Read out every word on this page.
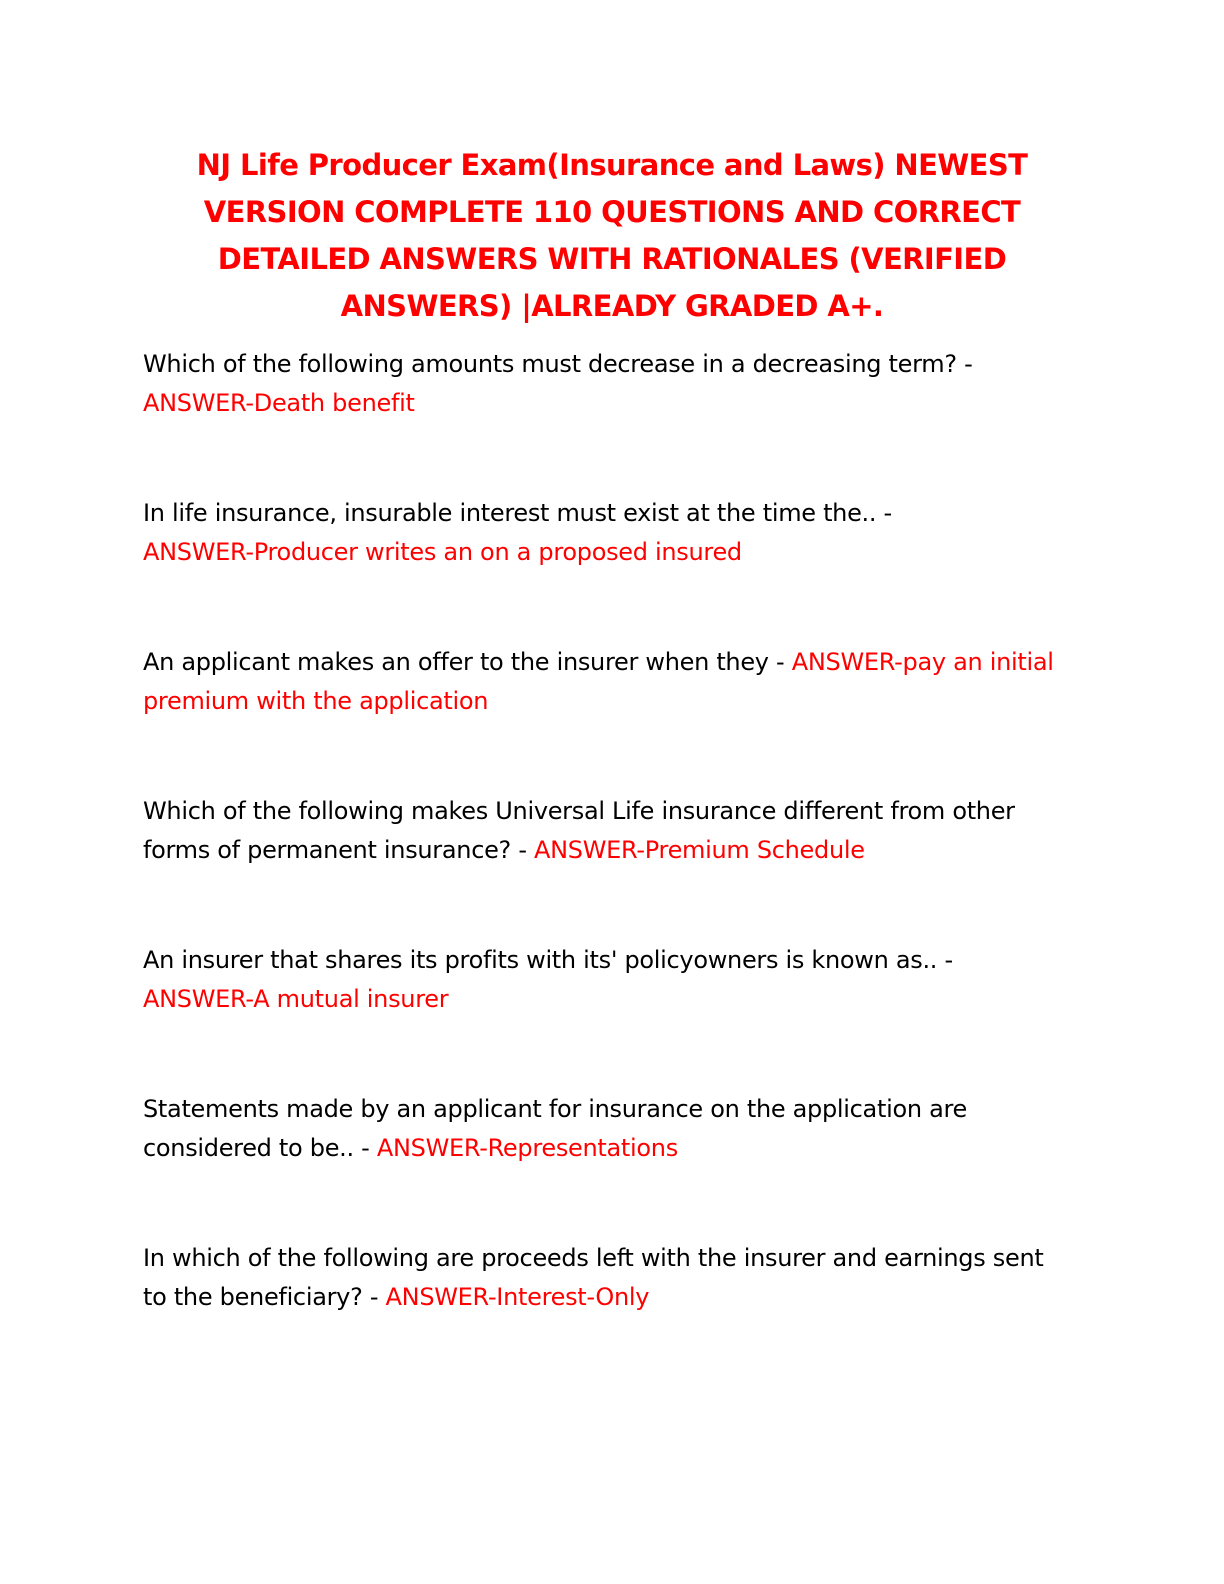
NJ Life Producer Exam(Insurance and Laws) NEWEST VERSION COMPLETE 110 QUESTIONS AND CORRECT DETAILED ANSWERS WITH RATIONALES (VERIFIED ANSWERS) |ALREADY GRADED A+.

Which of the following amounts must decrease in a decreasing term? -
ANSWER-Death benefit

In life insurance, insurable interest must exist at the time the.. -
ANSWER-Producer writes an on a proposed insured

An applicant makes an offer to the insurer when they - ANSWER-pay an initial premium with the application

Which of the following makes Universal Life insurance different from other forms of permanent insurance? - ANSWER-Premium Schedule

An insurer that shares its profits with its' policyowners is known as.. -
ANSWER-A mutual insurer

Statements made by an applicant for insurance on the application are considered to be.. - ANSWER-Representations

In which of the following are proceeds left with the insurer and earnings sent to the beneficiary? - ANSWER-Interest-Only
